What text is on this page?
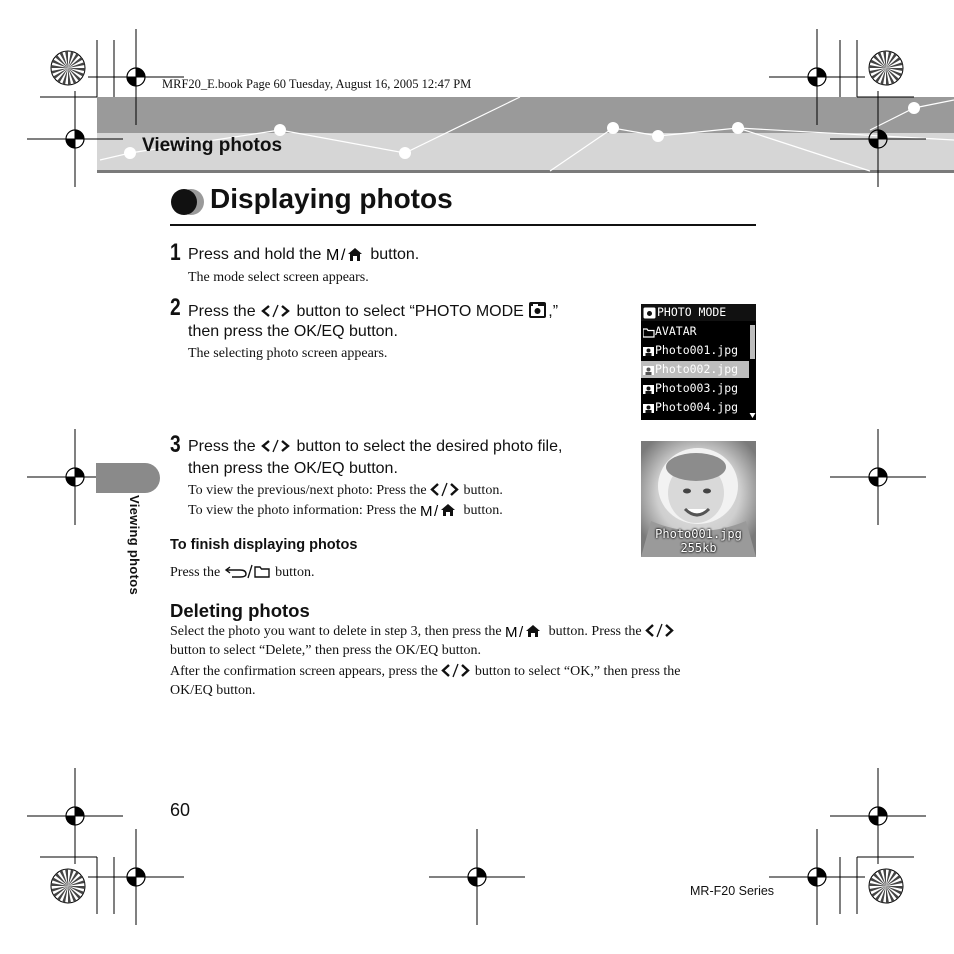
MRF20_E.book Page 60 Tuesday, August 16, 2005 12:47 PM
Viewing photos
Displaying photos
1 Press and hold the M / button.
The mode select screen appears.
2 Press the  button to select “PHOTO MODE ,”
then press the OK/EQ button.
The selecting photo screen appears.
PHOTO MODE
AVATAR
Photo001.jpg
Photo002.jpg
Photo003.jpg
Photo004.jpg
3 Press the  button to select the desired photo file,
then press the OK/EQ button.
To view the previous/next photo: Press the  button.
To view the photo information: Press the M / button.
Photo001.jpg
255kb
Viewing photos To finish displaying photos
Press the	button.
Deleting photos
Select the photo you want to delete in step 3, then press the M / button. Press the
button to select “Delete,” then press the OK/EQ button.
After the confirmation screen appears, press the  button to select “OK,” then press the
OK/EQ button.
60
MR-F20 Series
